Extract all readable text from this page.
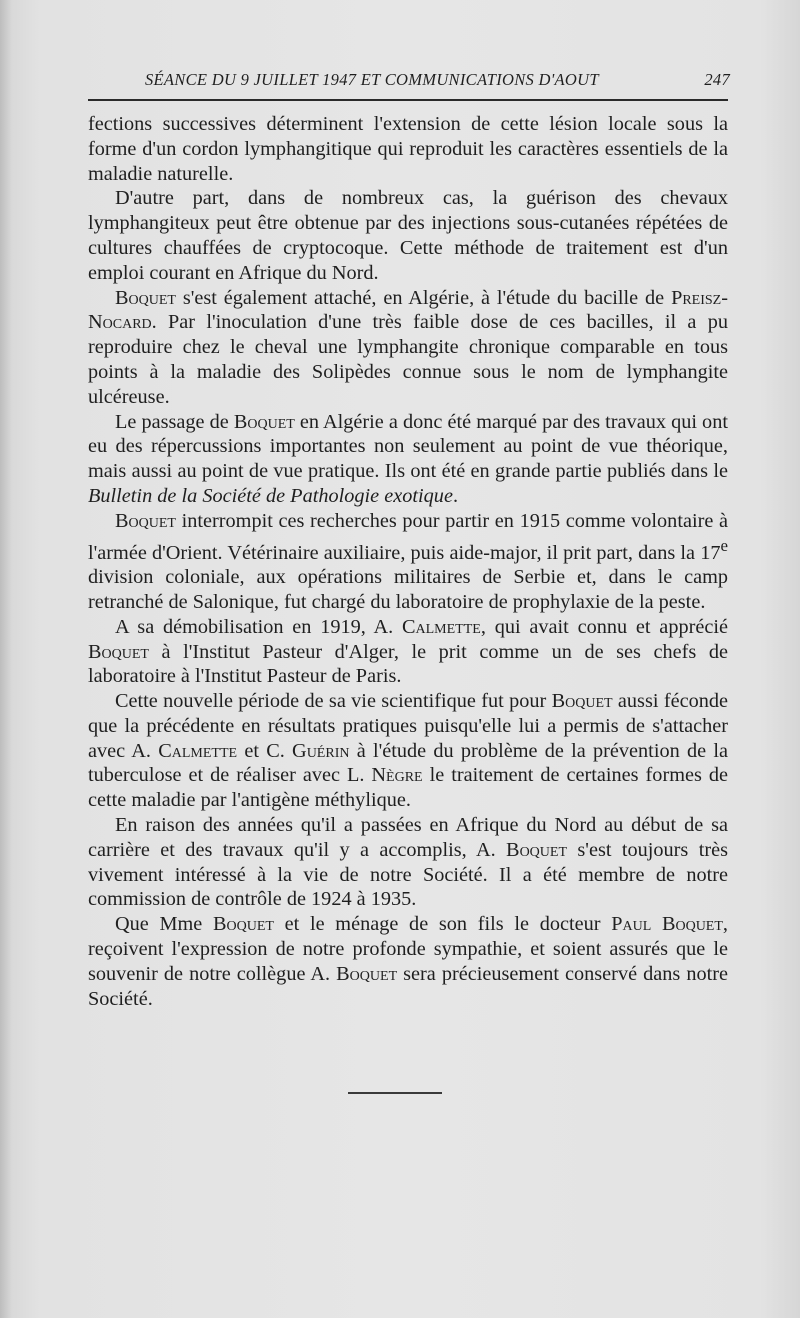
SÉANCE DU 9 JUILLET 1947 ET COMMUNICATIONS D'AOUT	247

fections successives déterminent l'extension de cette lésion locale sous la forme d'un cordon lymphangitique qui reproduit les caractères essentiels de la maladie naturelle.

D'autre part, dans de nombreux cas, la guérison des chevaux lymphangiteux peut être obtenue par des injections sous-cutanées répétées de cultures chauffées de cryptocoque. Cette méthode de traitement est d'un emploi courant en Afrique du Nord.

Boquet s'est également attaché, en Algérie, à l'étude du bacille de Preisz-Nocard. Par l'inoculation d'une très faible dose de ces bacilles, il a pu reproduire chez le cheval une lymphangite chronique comparable en tous points à la maladie des Solipèdes connue sous le nom de lymphangite ulcéreuse.

Le passage de Boquet en Algérie a donc été marqué par des travaux qui ont eu des répercussions importantes non seulement au point de vue théorique, mais aussi au point de vue pratique. Ils ont été en grande partie publiés dans le Bulletin de la Société de Pathologie exotique.

Boquet interrompit ces recherches pour partir en 1915 comme volontaire à l'armée d'Orient. Vétérinaire auxiliaire, puis aide-major, il prit part, dans la 17e division coloniale, aux opérations militaires de Serbie et, dans le camp retranché de Salonique, fut chargé du laboratoire de prophylaxie de la peste.

A sa démobilisation en 1919, A. Calmette, qui avait connu et apprécié Boquet à l'Institut Pasteur d'Alger, le prit comme un de ses chefs de laboratoire à l'Institut Pasteur de Paris.

Cette nouvelle période de sa vie scientifique fut pour Boquet aussi féconde que la précédente en résultats pratiques puisqu'elle lui a permis de s'attacher avec A. Calmette et C. Guérin à l'étude du problème de la prévention de la tuberculose et de réaliser avec L. Nègre le traitement de certaines formes de cette maladie par l'antigène méthylique.

En raison des années qu'il a passées en Afrique du Nord au début de sa carrière et des travaux qu'il y a accomplis, A. Boquet s'est toujours très vivement intéressé à la vie de notre Société. Il a été membre de notre commission de contrôle de 1924 à 1935.

Que Mme Boquet et le ménage de son fils le docteur Paul Boquet, reçoivent l'expression de notre profonde sympathie, et soient assurés que le souvenir de notre collègue A. Boquet sera précieusement conservé dans notre Société.
